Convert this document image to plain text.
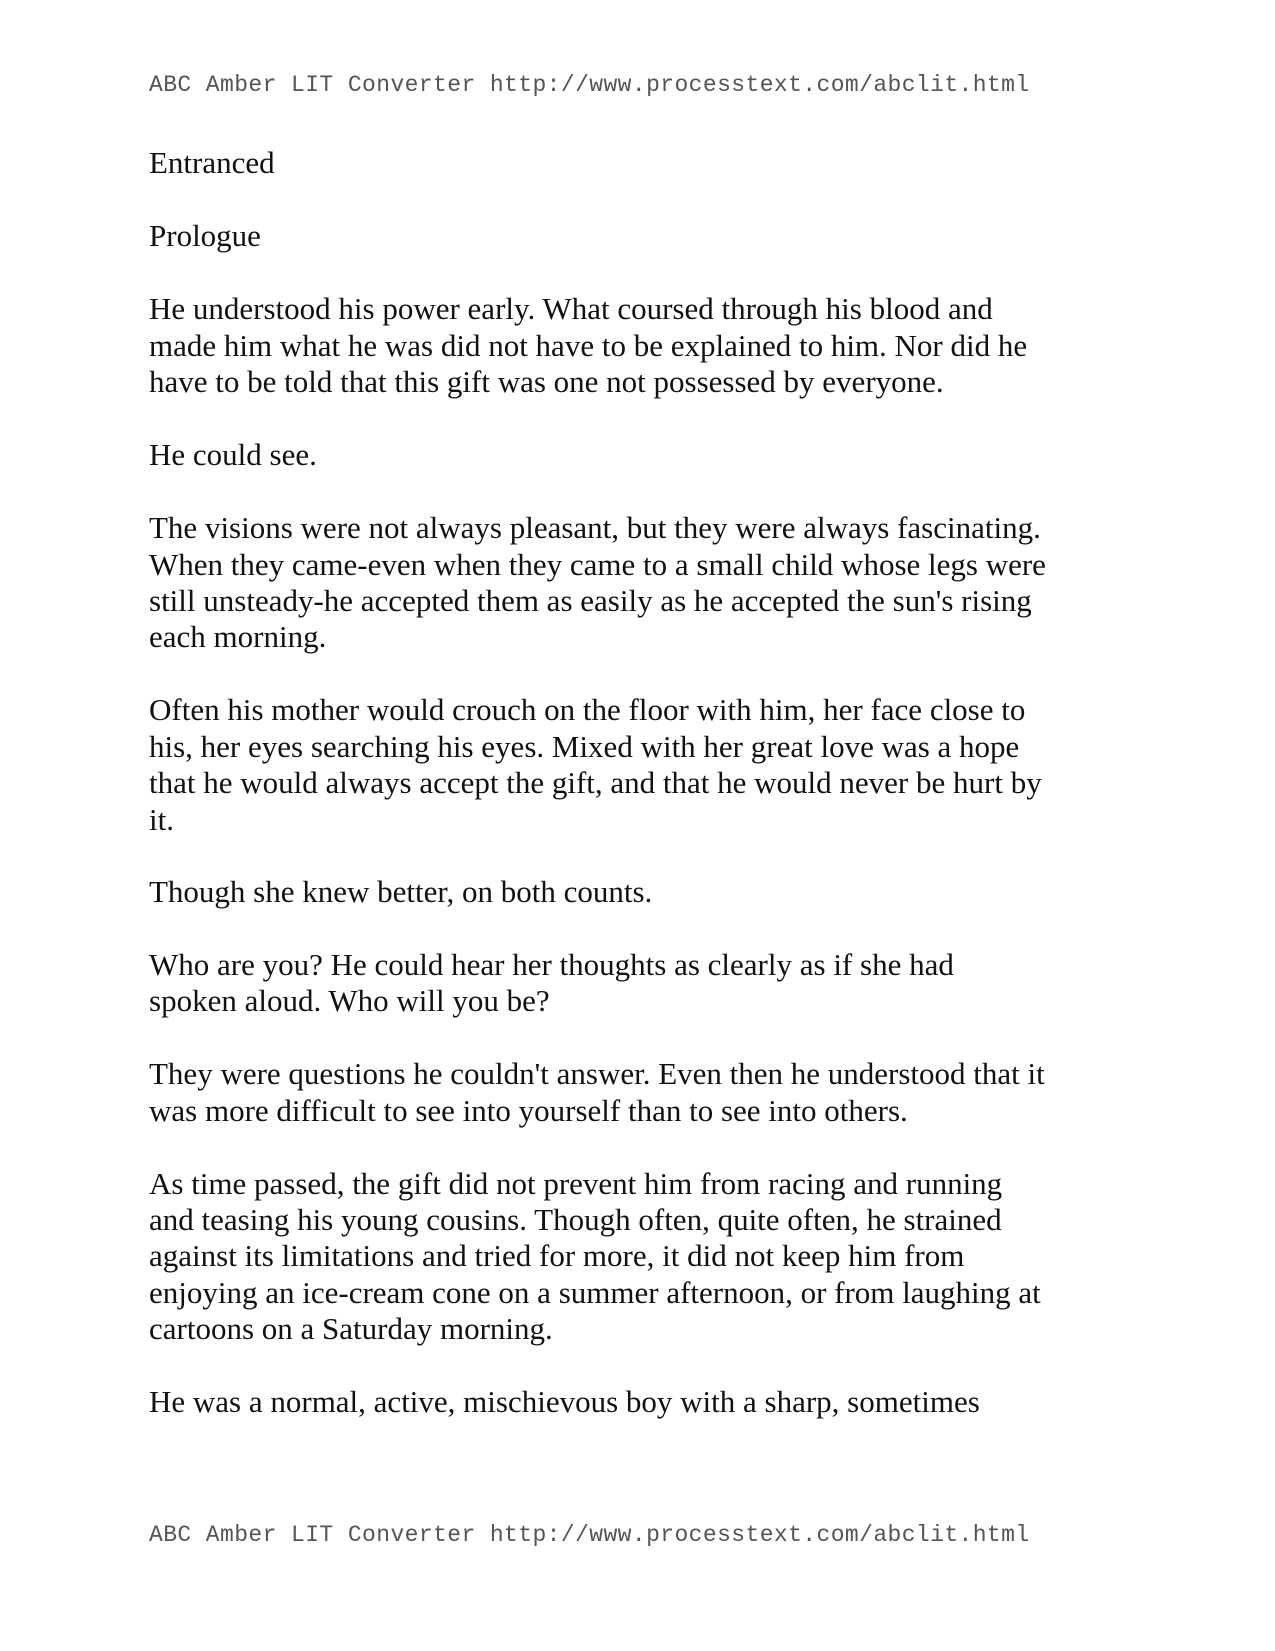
ABC Amber LIT Converter http://www.processtext.com/abclit.html
Entranced
Prologue
He understood his power early. What coursed through his blood and
made him what he was did not have to be explained to him. Nor did he
have to be told that this gift was one not possessed by everyone.
He could see.
The visions were not always pleasant, but they were always fascinating.
When they came-even when they came to a small child whose legs were
still unsteady-he accepted them as easily as he accepted the sun's rising
each morning.
Often his mother would crouch on the floor with him, her face close to
his, her eyes searching his eyes. Mixed with her great love was a hope
that he would always accept the gift, and that he would never be hurt by
it.
Though she knew better, on both counts.
Who are you? He could hear her thoughts as clearly as if she had
spoken aloud. Who will you be?
They were questions he couldn't answer. Even then he understood that it
was more difficult to see into yourself than to see into others.
As time passed, the gift did not prevent him from racing and running
and teasing his young cousins. Though often, quite often, he strained
against its limitations and tried for more, it did not keep him from
enjoying an ice-cream cone on a summer afternoon, or from laughing at
cartoons on a Saturday morning.
He was a normal, active, mischievous boy with a sharp, sometimes
ABC Amber LIT Converter http://www.processtext.com/abclit.html
